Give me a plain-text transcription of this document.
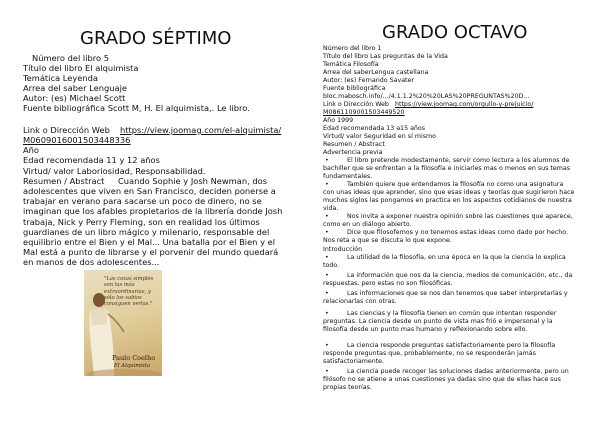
GRADO SÉPTIMO
Número del libro 5
Título del libro El alquimista
Temática Leyenda
Arrea del saber Lenguaje
Autor: (es) Michael Scott
Fuente bibliográfica Scott M, H. El alquimista,. Le libro.
Link o Dirección Web https://view.joomag.com/el-alquimista/
M0609016001503448336
Año
Edad recomendada 11 y 12 años
Virtud/ valor Laboriosidad, Responsabilidad.
Resumen / Abstract Cuando Sophie y Josh Newman, dos
adolescentes que viven en San Francisco, deciden ponerse a trabajar en verano para sacarse un poco de dinero, no se imaginan que los afables propietarios de la librería donde Josh trabaja, Nick y Perry Fleming, son en realidad los últimos guardianes de un libro mágico y milenario, responsable del equilibrio entre el Bien y el Mal... Una batalla por el Bien y el Mal está a punto de librarse y el porvenir del mundo quedará en manos de dos adolescentes...
"Las cosas simples son las más extraordinarias, y sólo los sabios consiguen verlas."
Paulo Coelho
El Alquimista
GRADO OCTAVO
Número del libro 1
Título del libro Las preguntas de la Vida
Temática Filosofía
Arrea del saberLengua castellana
Autor: (es) Fernando Savater
Fuente bibliográfica
bloc.mabosch.info/.../4.1.1.2%20%20LAS%20PREGUNTAS%20D...
Link o Dirección Web https://view.joomag.com/orgullo-y-prejuicio/
M0861109001503449520
Año 1999
Edad recomendada 13 a15 años
Virtud/ valor Seguridad en sí mismo
Resumen / Abstract
Advertencia previa
•	El libro pretende modestamente, servir como lectura a los alumnos de bachiller que se enfrentan a la filosofía e iniciarles mas o menos en sus temas fundamentales.
•	También quiere que entendamos la filosofía no como una asignatura con unas ideas que aprender, sino que esas ideas y teorías que sugirieron hace muchos siglos las pongamos en practica en los aspectos cotidianos de nuestra vida.
•	Nos invita a exponer nuestra opinión sobre las cuestiones que aparece, como en un diálogo abierto.
•	Dice que filosofemos y no tenemos estas ideas como dado por hecho. Nos reta a que se discuta lo que expone.
Introducción
•	La utilidad de la filosofía, en una época en la que la ciencia lo explica todo.
•	La información que nos da la ciencia, medios de comunicación, etc., da respuestas, pero estas no son filosóficas.
•	Las informaciones que se nos dan tenemos que saber interpretarlas y relacionarlas con otras.
•	Las ciencias y la filosofía tienen en común que intentan responder preguntas. La ciencia desde un punto de vista mas frió e impersonal y la filosofía desde un punto mas humano y reflexionando sobre ello.
•	La ciencia responde preguntas satisfactoriamente pero la filosofía responde preguntas que, probablemente, no se responderán jamás satisfactoriamente.
•	La ciencia puede recoger las soluciones dadas anteriormente, pero un filósofo no se atiene a unas cuestiones ya dadas sino que de ellas hace sus propias teorías.
